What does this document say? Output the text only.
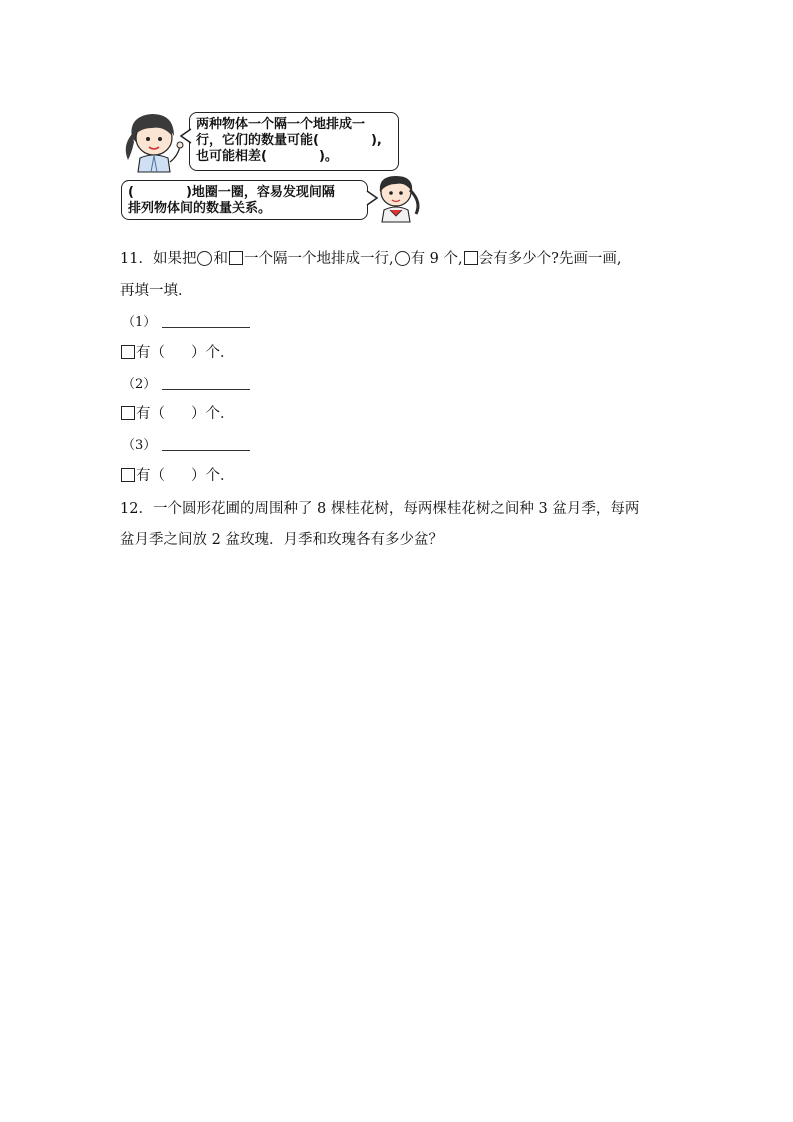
两种物体一个隔一个地排成一
行，它们的数量可能(　　　　),
也可能相差(　　　　)。
(　　　　)地圈一圈，容易发现间隔
排列物体间的数量关系。
11．如果把 和 一个隔一个地排成一行, 有 9 个, 会有多少个?先画一画,
再填一填．
（1）
有（ ）个．
（2）
有（ ）个．
（3）
有（ ）个．
12．一个圆形花圃的周围种了 8 棵桂花树，每两棵桂花树之间种 3 盆月季，每两
盆月季之间放 2 盆玫瑰．月季和玫瑰各有多少盆？
